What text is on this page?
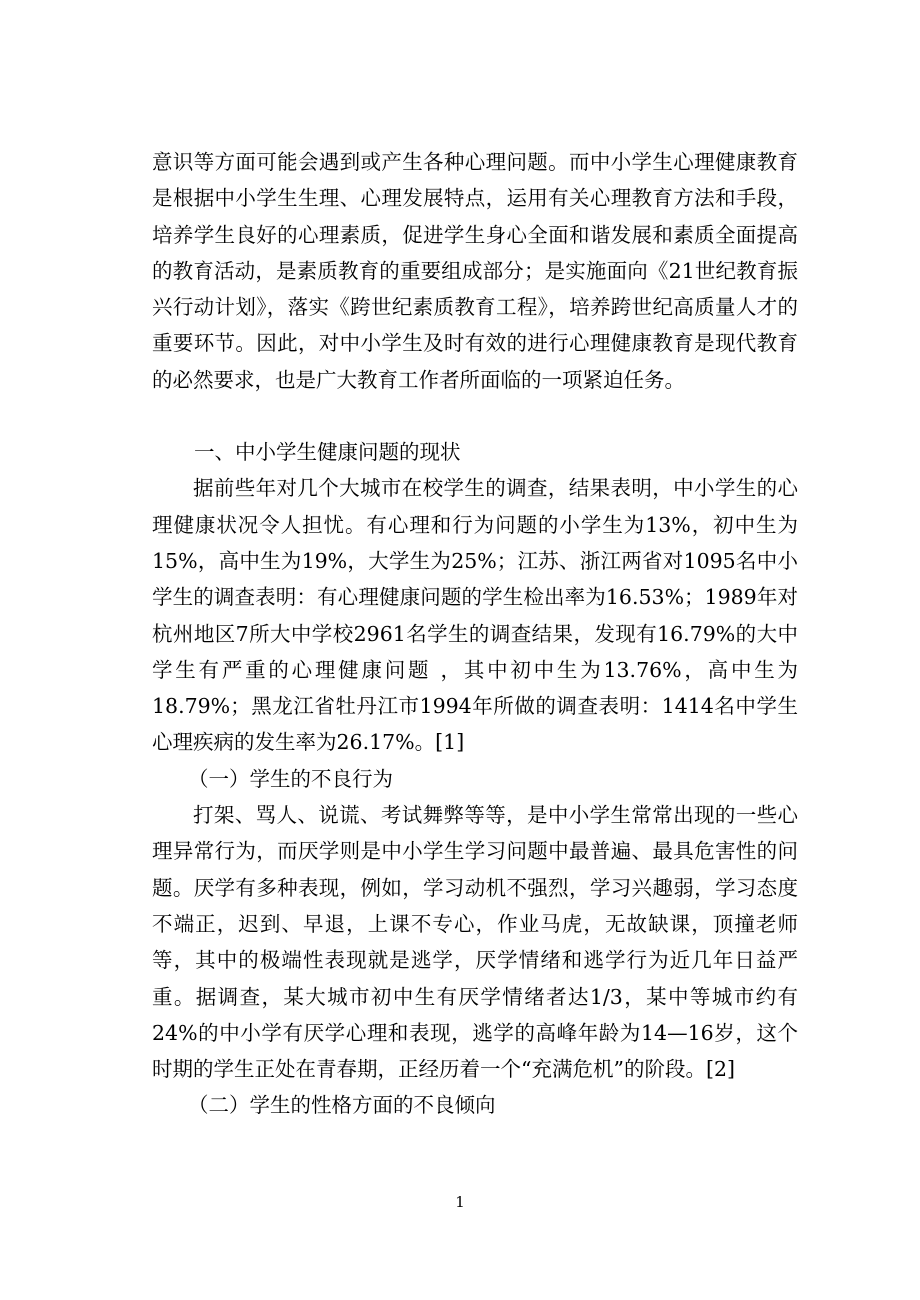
意识等方面可能会遇到或产生各种心理问题。而中小学生心理健康教育是根据中小学生生理、心理发展特点，运用有关心理教育方法和手段，培养学生良好的心理素质，促进学生身心全面和谐发展和素质全面提高的教育活动，是素质教育的重要组成部分；是实施面向《21世纪教育振兴行动计划》，落实《跨世纪素质教育工程》，培养跨世纪高质量人才的重要环节。因此，对中小学生及时有效的进行心理健康教育是现代教育的必然要求，也是广大教育工作者所面临的一项紧迫任务。

一、中小学生健康问题的现状

据前些年对几个大城市在校学生的调查，结果表明，中小学生的心理健康状况令人担忧。有心理和行为问题的小学生为13%，初中生为15%，高中生为19%，大学生为25%；江苏、浙江两省对1095名中小学生的调查表明：有心理健康问题的学生检出率为16.53%；1989年对杭州地区7所大中学校2961名学生的调查结果，发现有16.79%的大中学生有严重的心理健康问题 ，其中初中生为13.76%，高中生为18.79%；黑龙江省牡丹江市1994年所做的调查表明：1414名中学生心理疾病的发生率为26.17%。[1]

（一）学生的不良行为

打架、骂人、说谎、考试舞弊等等，是中小学生常常出现的一些心理异常行为，而厌学则是中小学生学习问题中最普遍、最具危害性的问题。厌学有多种表现，例如，学习动机不强烈，学习兴趣弱，学习态度不端正，迟到、早退，上课不专心，作业马虎，无故缺课，顶撞老师等，其中的极端性表现就是逃学，厌学情绪和逃学行为近几年日益严重。据调查，某大城市初中生有厌学情绪者达1/3，某中等城市约有24%的中小学有厌学心理和表现，逃学的高峰年龄为14—16岁，这个时期的学生正处在青春期，正经历着一个“充满危机”的阶段。[2]

（二）学生的性格方面的不良倾向

1
